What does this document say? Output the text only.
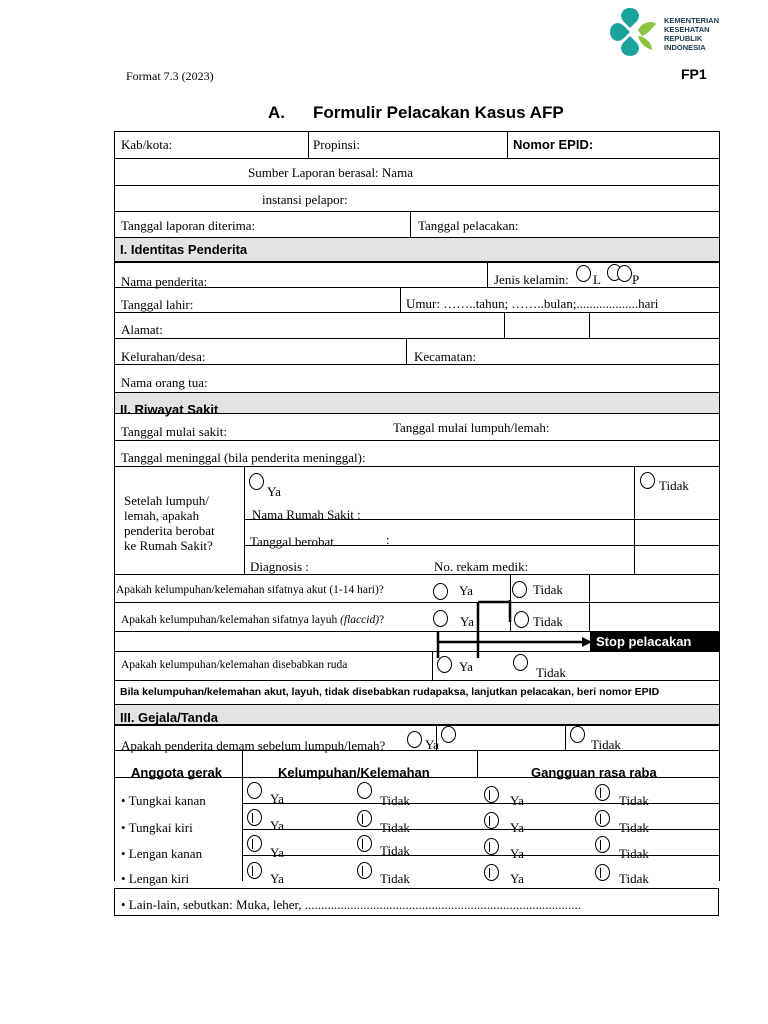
KEMENTERIAN
KESEHATAN
REPUBLIK
INDONESIA
Format 7.3 (2023)	FP1
A. Formulir Pelacakan Kasus AFP
Kab/kota:	Propinsi:	Nomor EPID:
Sumber Laporan berasal: Nama
instansi pelapor:
Tanggal laporan diterima:	Tanggal pelacakan:
I. Identitas Penderita
Nama penderita:	Jenis kelamin: L P
Tanggal lahir:	Umur: ……..tahun; ……..bulan;...................hari
Alamat:
Kelurahan/desa:	Kecamatan:
Nama orang tua:
II. Riwayat Sakit
Tanggal mulai sakit:	Tanggal mulai lumpuh/lemah:
Tanggal meninggal (bila penderita meninggal):
Setelah lumpuh/
lemah, apakah
penderita berobat
ke Rumah Sakit?
Ya	Tidak
Nama Rumah Sakit :
Tanggal berobat	:
Diagnosis :	No. rekam medik:
Apakah kelumpuhan/kelemahan sifatnya akut (1-14 hari)?	Ya	Tidak
Apakah kelumpuhan/kelemahan sifatnya layuh (flaccid)?	Ya	Tidak
Stop pelacakan
Apakah kelumpuhan/kelemahan disebabkan ruda	Ya	Tidak
Bila kelumpuhan/kelemahan akut, layuh, tidak disebabkan rudapaksa, lanjutkan pelacakan, beri nomor EPID
III. Gejala/Tanda
Apakah penderita demam sebelum lumpuh/lemah?	Ya	Tidak
Anggota gerak	Kelumpuhan/Kelemahan	Gangguan rasa raba
• Tungkai kanan	Ya	Tidak	Ya	Tidak
• Tungkai kiri	Ya	Tidak	Ya	Tidak
• Lengan kanan	Ya	Tidak	Ya	Tidak
• Lengan kiri	Ya	Tidak	Ya	Tidak
• Lain-lain, sebutkan: Muka, leher, .....................................................................................
